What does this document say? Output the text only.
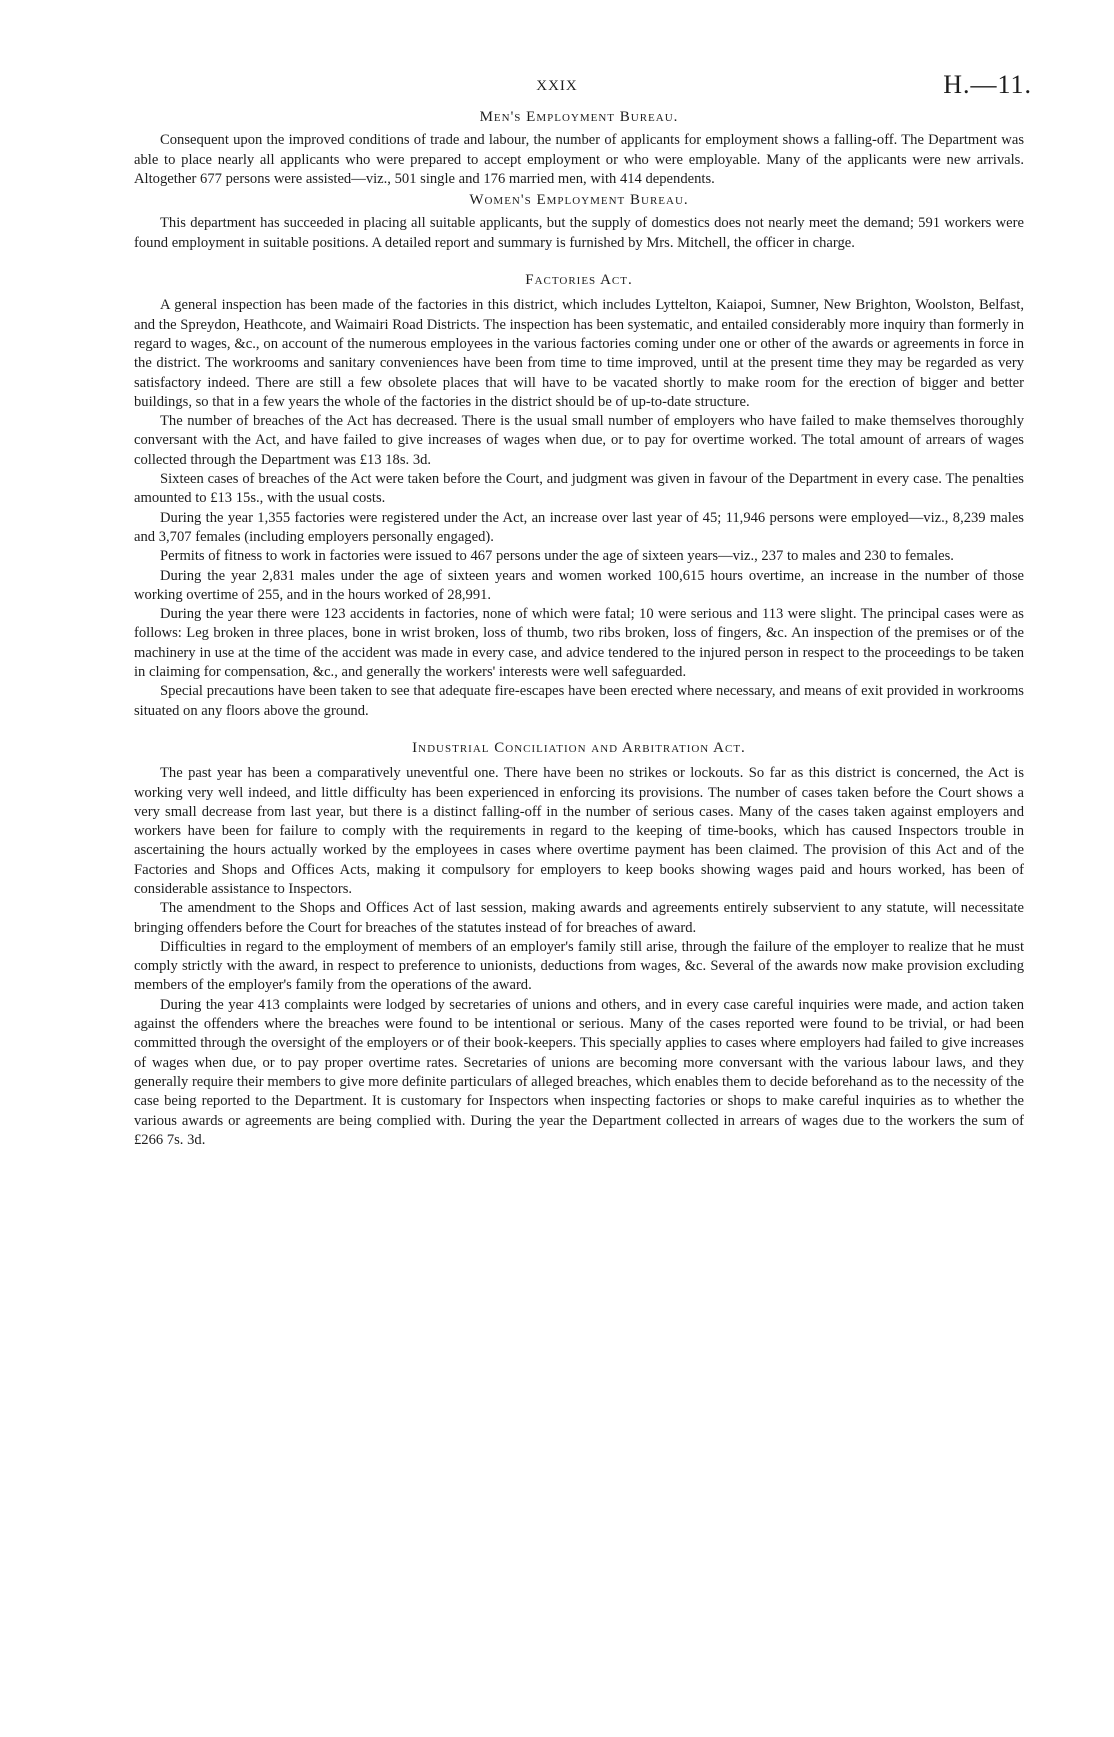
XXIX	H.—11.
Men's Employment Bureau.

Consequent upon the improved conditions of trade and labour, the number of applicants for employment shows a falling-off. The Department was able to place nearly all applicants who were prepared to accept employment or who were employable. Many of the applicants were new arrivals. Altogether 677 persons were assisted—viz., 501 single and 176 married men, with 414 dependents.

Women's Employment Bureau.

This department has succeeded in placing all suitable applicants, but the supply of domestics does not nearly meet the demand; 591 workers were found employment in suitable positions. A detailed report and summary is furnished by Mrs. Mitchell, the officer in charge.

Factories Act.

A general inspection has been made of the factories in this district, which includes Lyttelton, Kaiapoi, Sumner, New Brighton, Woolston, Belfast, and the Spreydon, Heathcote, and Waimairi Road Districts. The inspection has been systematic, and entailed considerably more inquiry than formerly in regard to wages, &c., on account of the numerous employees in the various factories coming under one or other of the awards or agreements in force in the district. The workrooms and sanitary conveniences have been from time to time improved, until at the present time they may be regarded as very satisfactory indeed. There are still a few obsolete places that will have to be vacated shortly to make room for the erection of bigger and better buildings, so that in a few years the whole of the factories in the district should be of up-to-date structure.

The number of breaches of the Act has decreased. There is the usual small number of employers who have failed to make themselves thoroughly conversant with the Act, and have failed to give increases of wages when due, or to pay for overtime worked. The total amount of arrears of wages collected through the Department was £13 18s. 3d.

Sixteen cases of breaches of the Act were taken before the Court, and judgment was given in favour of the Department in every case. The penalties amounted to £13 15s., with the usual costs.

During the year 1,355 factories were registered under the Act, an increase over last year of 45; 11,946 persons were employed—viz., 8,239 males and 3,707 females (including employers personally engaged).

Permits of fitness to work in factories were issued to 467 persons under the age of sixteen years—viz., 237 to males and 230 to females.

During the year 2,831 males under the age of sixteen years and women worked 100,615 hours overtime, an increase in the number of those working overtime of 255, and in the hours worked of 28,991.

During the year there were 123 accidents in factories, none of which were fatal; 10 were serious and 113 were slight. The principal cases were as follows: Leg broken in three places, bone in wrist broken, loss of thumb, two ribs broken, loss of fingers, &c. An inspection of the premises or of the machinery in use at the time of the accident was made in every case, and advice tendered to the injured person in respect to the proceedings to be taken in claiming for compensation, &c., and generally the workers' interests were well safeguarded.

Special precautions have been taken to see that adequate fire-escapes have been erected where necessary, and means of exit provided in workrooms situated on any floors above the ground.

Industrial Conciliation and Arbitration Act.

The past year has been a comparatively uneventful one. There have been no strikes or lockouts. So far as this district is concerned, the Act is working very well indeed, and little difficulty has been experienced in enforcing its provisions. The number of cases taken before the Court shows a very small decrease from last year, but there is a distinct falling-off in the number of serious cases. Many of the cases taken against employers and workers have been for failure to comply with the requirements in regard to the keeping of time-books, which has caused Inspectors trouble in ascertaining the hours actually worked by the employees in cases where overtime payment has been claimed. The provision of this Act and of the Factories and Shops and Offices Acts, making it compulsory for employers to keep books showing wages paid and hours worked, has been of considerable assistance to Inspectors.

The amendment to the Shops and Offices Act of last session, making awards and agreements entirely subservient to any statute, will necessitate bringing offenders before the Court for breaches of the statutes instead of for breaches of award.

Difficulties in regard to the employment of members of an employer's family still arise, through the failure of the employer to realize that he must comply strictly with the award, in respect to preference to unionists, deductions from wages, &c. Several of the awards now make provision excluding members of the employer's family from the operations of the award.

During the year 413 complaints were lodged by secretaries of unions and others, and in every case careful inquiries were made, and action taken against the offenders where the breaches were found to be intentional or serious. Many of the cases reported were found to be trivial, or had been committed through the oversight of the employers or of their book-keepers. This specially applies to cases where employers had failed to give increases of wages when due, or to pay proper overtime rates. Secretaries of unions are becoming more conversant with the various labour laws, and they generally require their members to give more definite particulars of alleged breaches, which enables them to decide beforehand as to the necessity of the case being reported to the Department. It is customary for Inspectors when inspecting factories or shops to make careful inquiries as to whether the various awards or agreements are being complied with. During the year the Department collected in arrears of wages due to the workers the sum of £266 7s. 3d.
